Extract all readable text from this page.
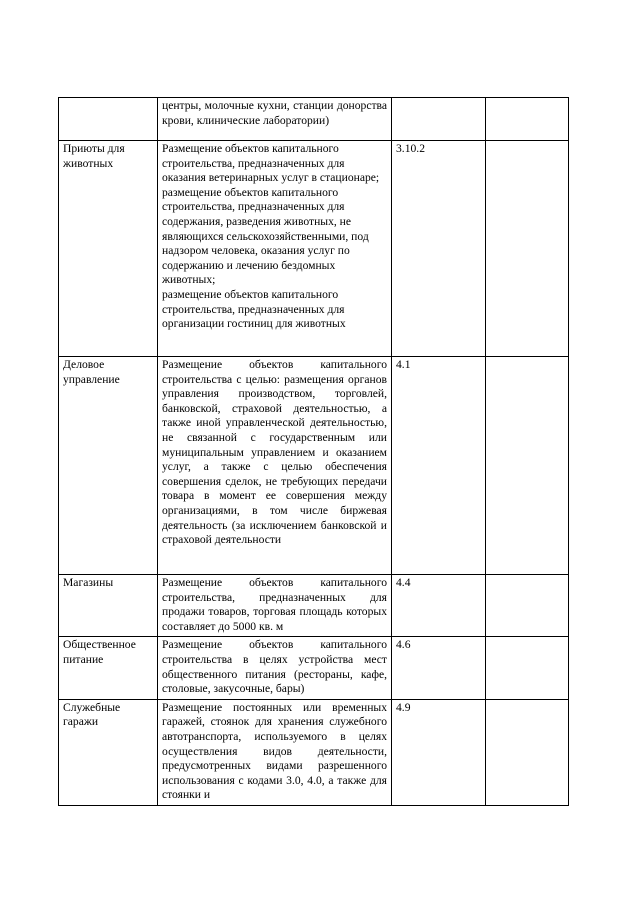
	центры, молочные кухни, станции донорства крови, клинические лаборатории)		

Приюты для животных	Размещение объектов капитального строительства, предназначенных для оказания ветеринарных услуг в стационаре;
размещение объектов капитального строительства, предназначенных для содержания, разведения животных, не являющихся сельскохозяйственными, под надзором человека, оказания услуг по содержанию и лечению бездомных животных;
размещение объектов капитального строительства, предназначенных для организации гостиниц для животных	3.10.2	
Деловое управление	Размещение объектов капитального строительства с целью: размещения органов управления производством, торговлей, банковской, страховой деятельностью, а также иной управленческой деятельностью, не связанной с государственным или муниципальным управлением и оказанием услуг, а также с целью обеспечения совершения сделок, не требующих передачи товара в момент ее совершения между организациями, в том числе биржевая деятельность (за исключением банковской и страховой деятельности	4.1	
Магазины	Размещение объектов капитального строительства, предназначенных для продажи товаров, торговая площадь которых составляет до 5000 кв. м	4.4	
Общественное питание	Размещение объектов капитального строительства в целях устройства мест общественного питания (рестораны, кафе, столовые, закусочные, бары)	4.6	
Служебные гаражи	Размещение постоянных или временных гаражей, стоянок для хранения служебного автотранспорта, используемого в целях осуществления видов деятельности, предусмотренных видами разрешенного использования с кодами 3.0, 4.0, а также для стоянки и	4.9	
